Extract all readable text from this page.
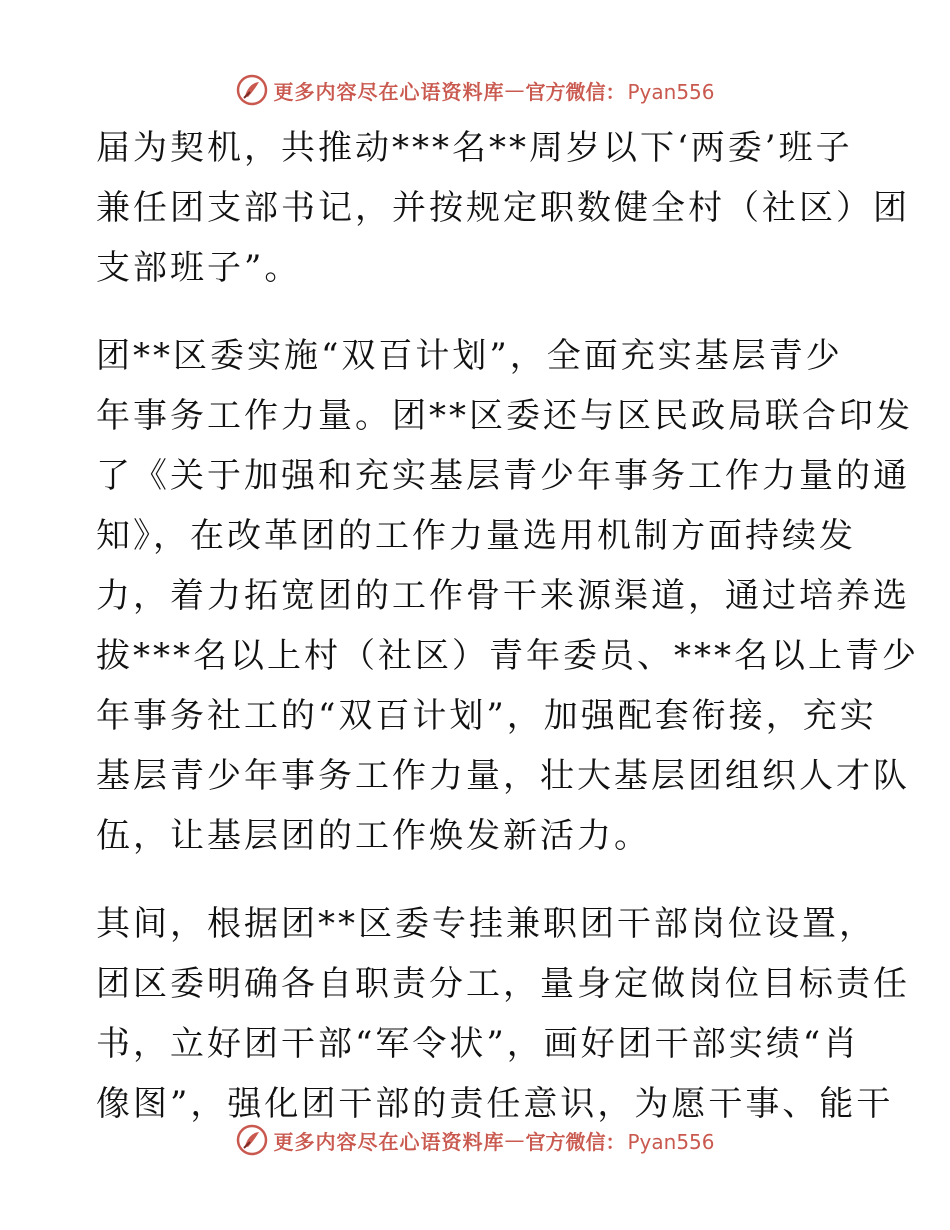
更多内容尽在心语资料库 — 官方微信： Pyan556
届为契机，共推动***名**周岁以下‘两委’班子
兼任团支部书记，并按规定职数健全村（社区）团
支部班子”。
团**区委实施“双百计划”，全面充实基层青少
年事务工作力量。团**区委还与区民政局联合印发
了《关于加强和充实基层青少年事务工作力量的通
知》，在改革团的工作力量选用机制方面持续发
力，着力拓宽团的工作骨干来源渠道，通过培养选
拔***名以上村（社区）青年委员、***名以上青少
年事务社工的“双百计划”，加强配套衔接，充实
基层青少年事务工作力量，壮大基层团组织人才队
伍，让基层团的工作焕发新活力。
其间，根据团**区委专挂兼职团干部岗位设置，
团区委明确各自职责分工，量身定做岗位目标责任
书，立好团干部“军令状”，画好团干部实绩“肖
像图”，强化团干部的责任意识，为愿干事、能干
更多内容尽在心语资料库 — 官方微信： Pyan556
